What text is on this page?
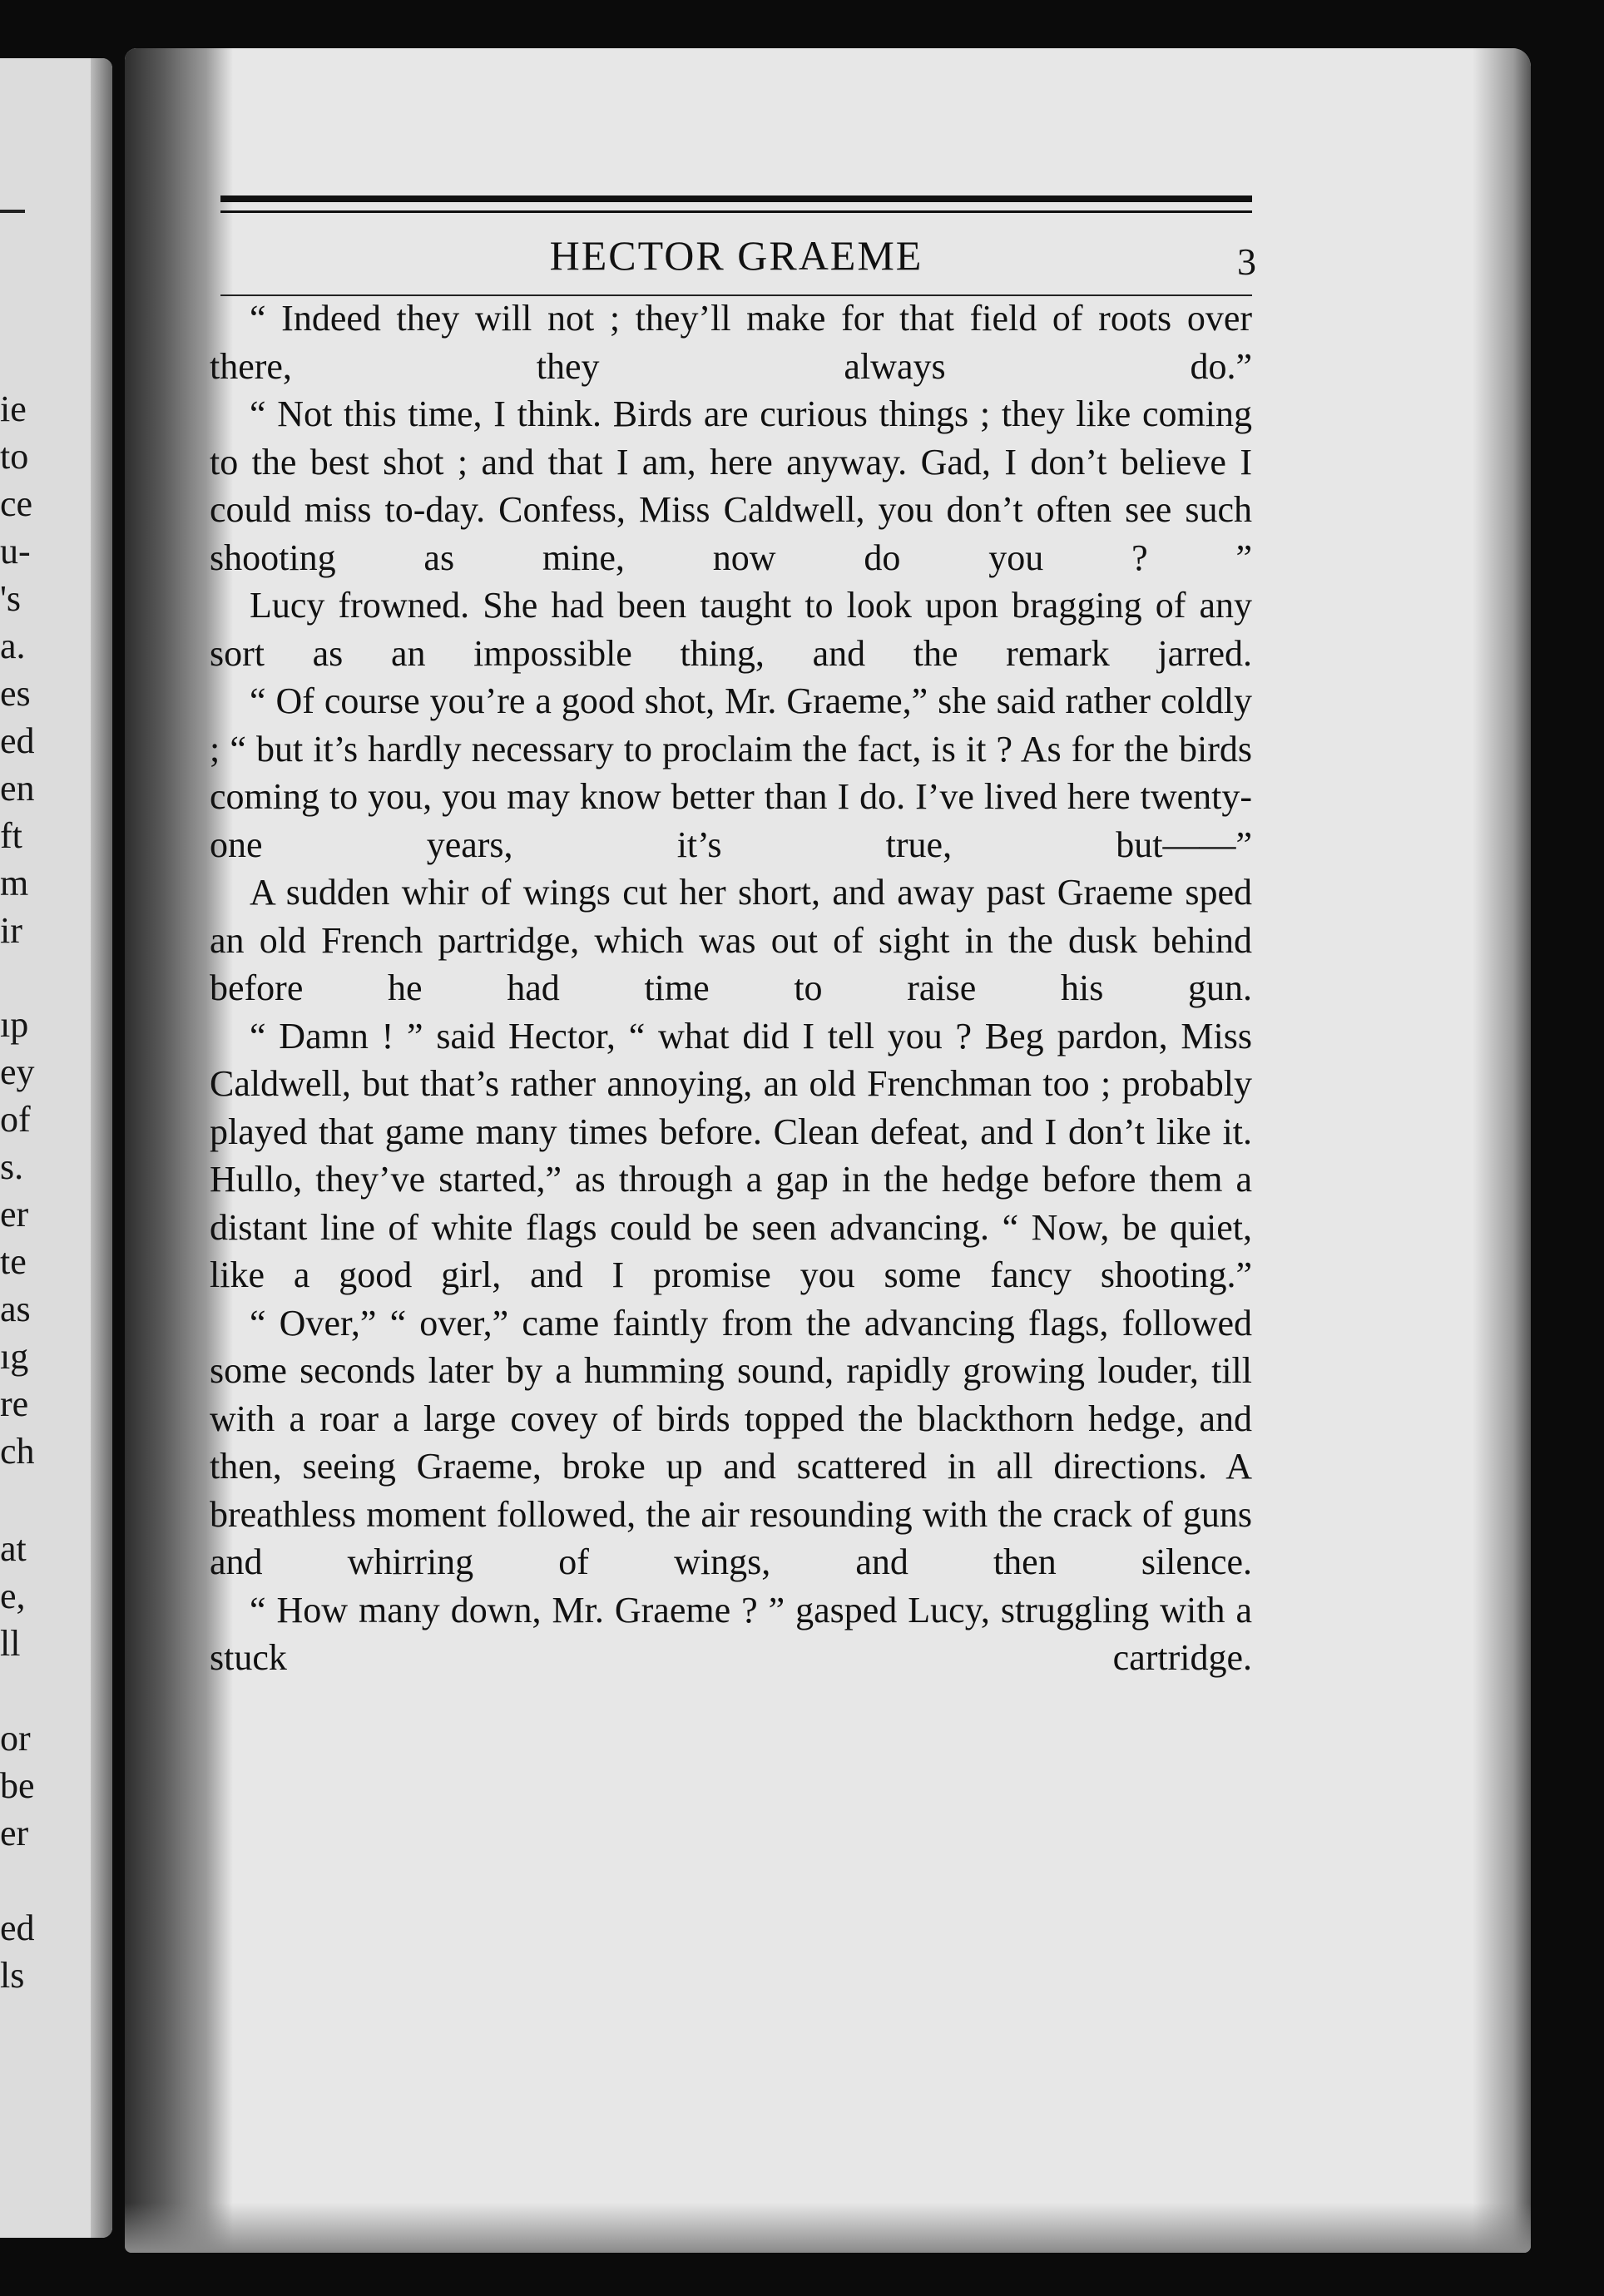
ie
to
ce
u-
's
a.
es
ed
en
ft
m
ir
ıp
ey
of
s.
er
te
as
ıg
re
ch
at
e,
ll
or
be
er
ed
ls
HECTOR GRAEME	3

“ Indeed they will not ; they’ll make for that field of roots over there, they always do.”

“ Not this time, I think. Birds are curious things ; they like coming to the best shot ; and that I am, here anyway. Gad, I don’t believe I could miss to-day. Confess, Miss Caldwell, you don’t often see such shooting as mine, now do you ? ”

Lucy frowned. She had been taught to look upon bragging of any sort as an impossible thing, and the remark jarred.

“ Of course you’re a good shot, Mr. Graeme,” she said rather coldly ; “ but it’s hardly necessary to proclaim the fact, is it ? As for the birds coming to you, you may know better than I do. I’ve lived here twenty-one years, it’s true, but——”

A sudden whir of wings cut her short, and away past Graeme sped an old French partridge, which was out of sight in the dusk behind before he had time to raise his gun.

“ Damn ! ” said Hector, “ what did I tell you ? Beg pardon, Miss Caldwell, but that’s rather annoying, an old Frenchman too ; probably played that game many times before. Clean defeat, and I don’t like it. Hullo, they’ve started,” as through a gap in the hedge before them a distant line of white flags could be seen advancing. “ Now, be quiet, like a good girl, and I promise you some fancy shooting.”

“ Over,” “ over,” came faintly from the advancing flags, followed some seconds later by a humming sound, rapidly growing louder, till with a roar a large covey of birds topped the blackthorn hedge, and then, seeing Graeme, broke up and scattered in all directions. A breathless moment followed, the air resounding with the crack of guns and whirring of wings, and then silence.

“ How many down, Mr. Graeme ? ” gasped Lucy, struggling with a stuck cartridge.
